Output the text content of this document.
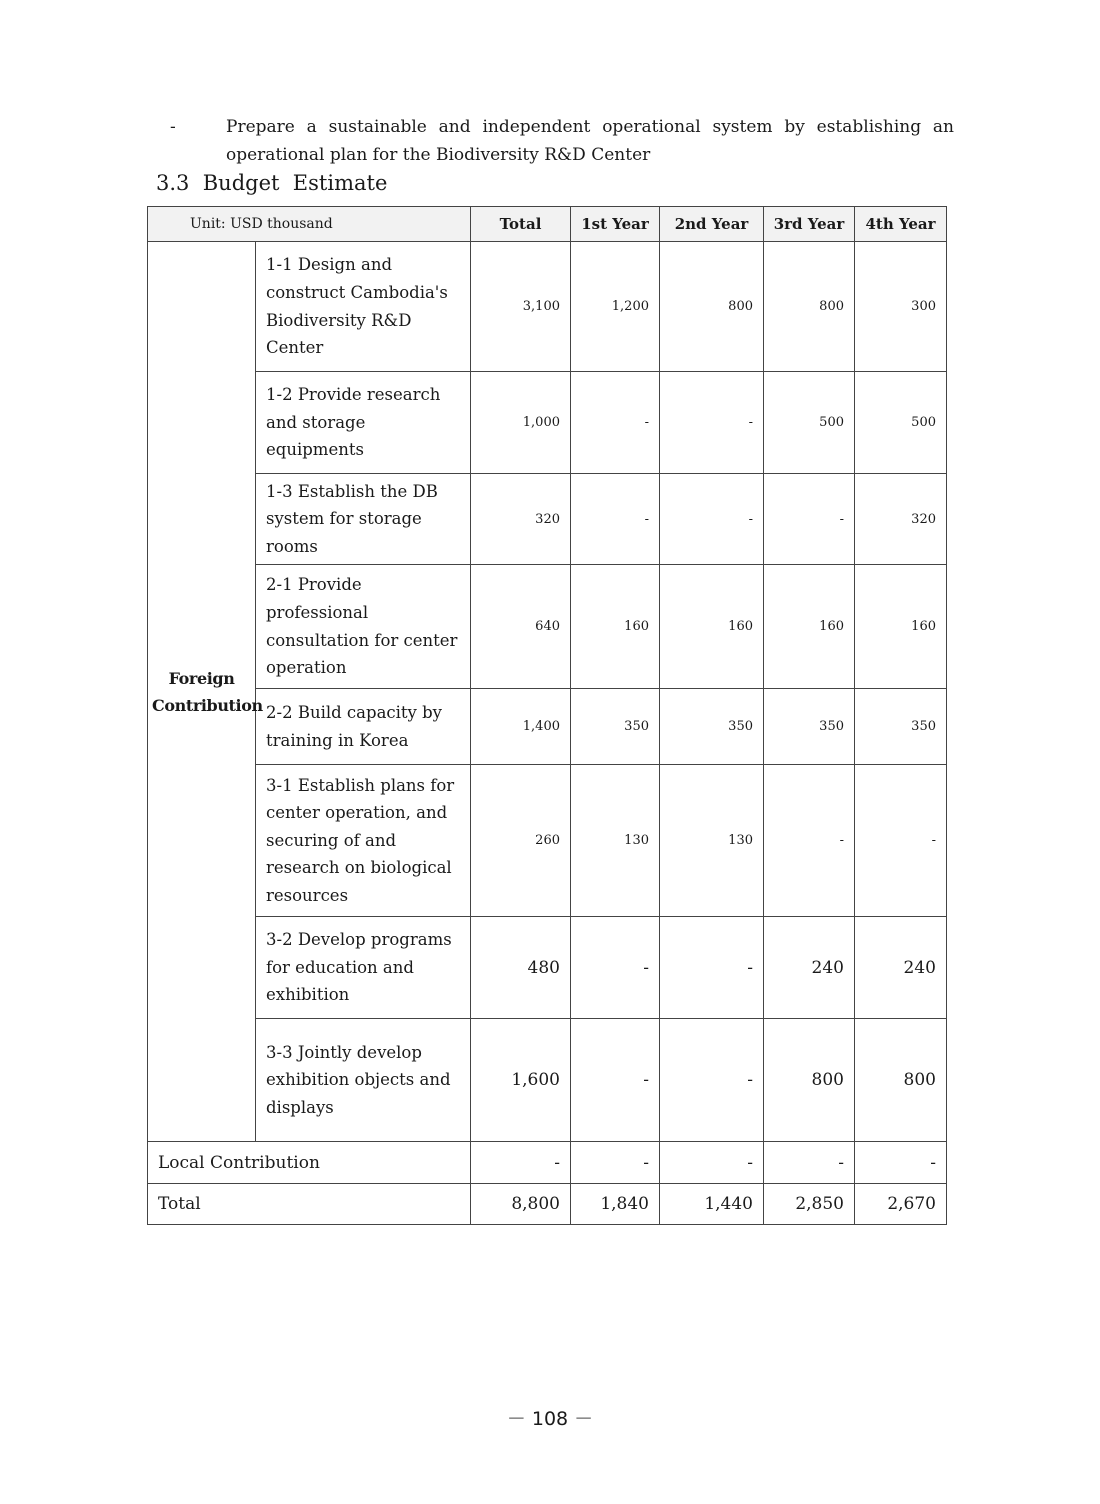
-	Prepare a sustainable and independent operational system by establishing an operational plan for the Biodiversity R&D Center
3.3  Budget  Estimate
Unit: USD thousand		Total	1st Year	2nd Year	3rd Year	4th Year
Foreign Contribution	1-1 Design and construct Cambodia's Biodiversity R&D Center	3,100	1,200	800	800	300
	1-2 Provide research and storage equipments	1,000	-	-	500	500
	1-3 Establish the DB system for storage rooms	320	-	-	-	320
	2-1 Provide professional consultation for center operation	640	160	160	160	160
	2-2 Build capacity by training in Korea	1,400	350	350	350	350
	3-1 Establish plans for center operation, and securing of and research on biological resources	260	130	130	-	-
	3-2 Develop programs for education and exhibition	480	-	-	240	240
	3-3 Jointly develop exhibition objects and displays	1,600	-	-	800	800
Local Contribution		-	-	-	-	-
Total		8,800	1,840	1,440	2,850	2,670
－ 108 －
